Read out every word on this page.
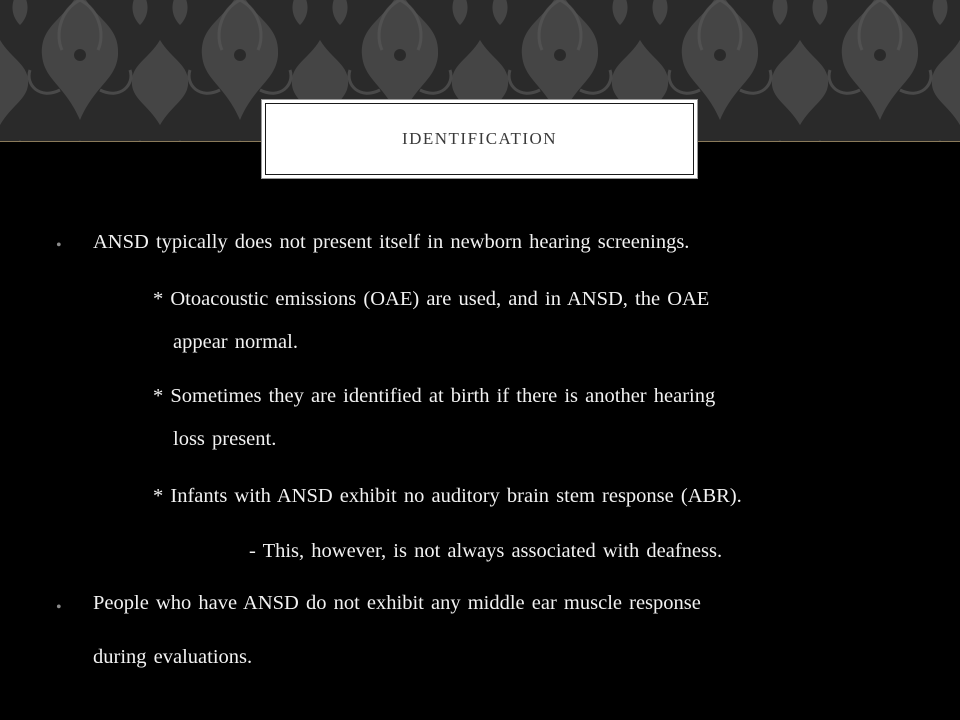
IDENTIFICATION
• ANSD typically does not present itself in newborn hearing screenings.
* Otoacoustic emissions (OAE) are used, and in ANSD, the OAE
appear normal.
* Sometimes they are identified at birth if there is another hearing
loss present.
* Infants with ANSD exhibit no auditory brain stem response (ABR).
- This, however, is not always associated with deafness.
• People who have ANSD do not exhibit any middle ear muscle response
during evaluations.
